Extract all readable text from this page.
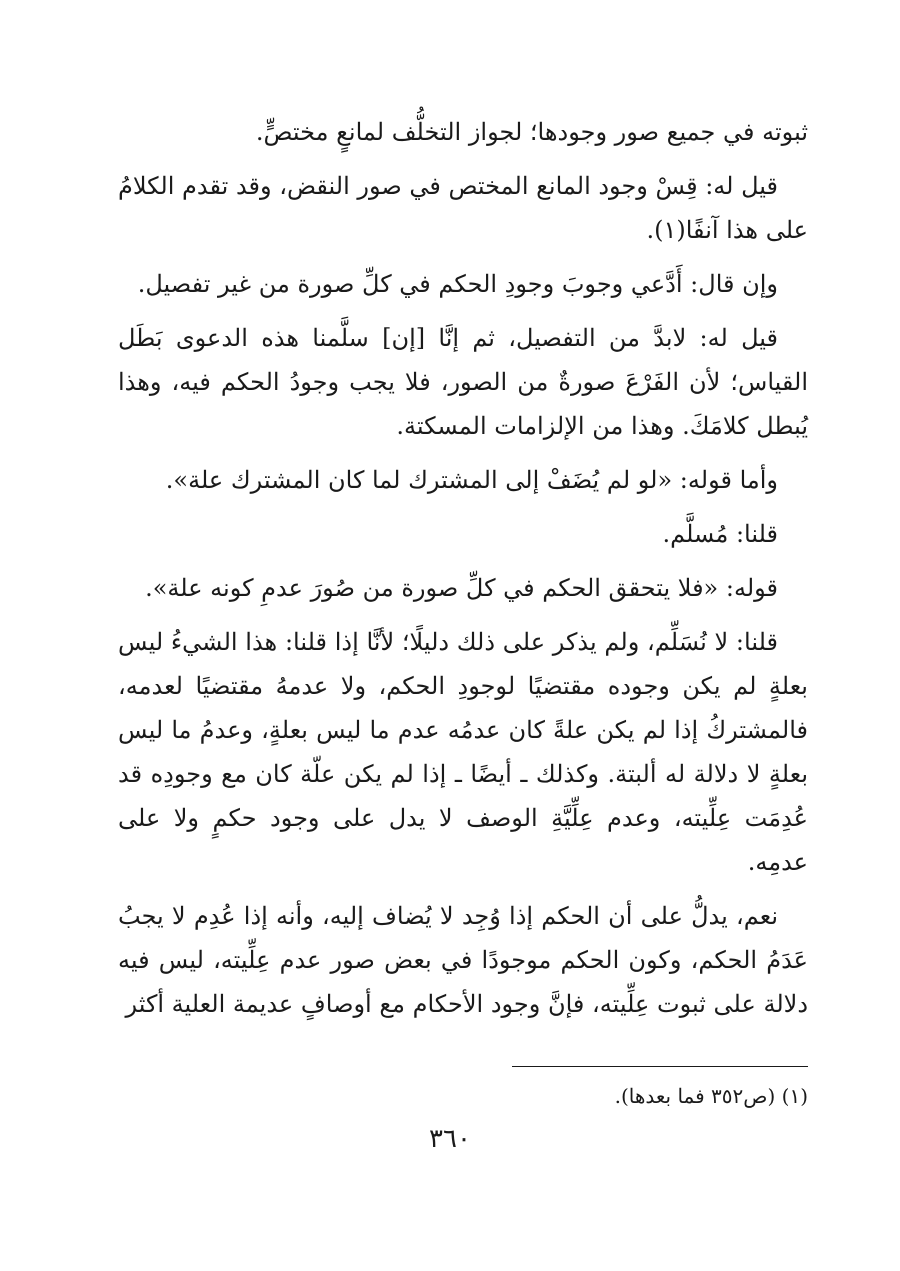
ثبوته في جميع صور وجودها؛ لجواز التخلُّف لمانعٍ مختصٍّ.

قيل له: قِسْ وجود المانع المختص في صور النقض، وقد تقدم الكلامُ على هذا آنفًا(١).

وإن قال: أَدَّعي وجوبَ وجودِ الحكم في كلِّ صورة من غير تفصيل.

قيل له: لابدَّ من التفصيل، ثم إنَّا [إن] سلَّمنا هذه الدعوى بَطَل القياس؛ لأن الفَرْعَ صورةٌ من الصور، فلا يجب وجودُ الحكم فيه، وهذا يُبطل كلامَكَ. وهذا من الإلزامات المسكتة.

وأما قوله: «لو لم يُضَفْ إلى المشترك لما كان المشترك علة».

قلنا: مُسلَّم.

قوله: «فلا يتحقق الحكم في كلِّ صورة من صُورَ عدمِ كونه علة».

قلنا: لا نُسَلِّم، ولم يذكر على ذلك دليلًا؛ لأنَّا إذا قلنا: هذا الشيءُ ليس بعلةٍ لم يكن وجوده مقتضيًا لوجودِ الحكم، ولا عدمهُ مقتضيًا لعدمه، فالمشتركُ إذا لم يكن علةً كان عدمُه عدم ما ليس بعلةٍ، وعدمُ ما ليس بعلةٍ لا دلالة له ألبتة. وكذلك ـ أيضًا ـ إذا لم يكن علّة كان مع وجودِه قد عُدِمَت عِلِّيته، وعدم عِلِّيَّةِ الوصف لا يدل على وجود حكمٍ ولا على عدمِه.

نعم، يدلُّ على أن الحكم إذا وُجِد لا يُضاف إليه، وأنه إذا عُدِم لا يجبُ عَدَمُ الحكم، وكون الحكم موجودًا في بعض صور عدم عِلِّيته، ليس فيه دلالة على ثبوت عِلِّيته، فإنَّ وجود الأحكام مع أوصافٍ عديمة العلية أكثر

(١) (ص٣٥٢ فما بعدها).
٣٦٠
